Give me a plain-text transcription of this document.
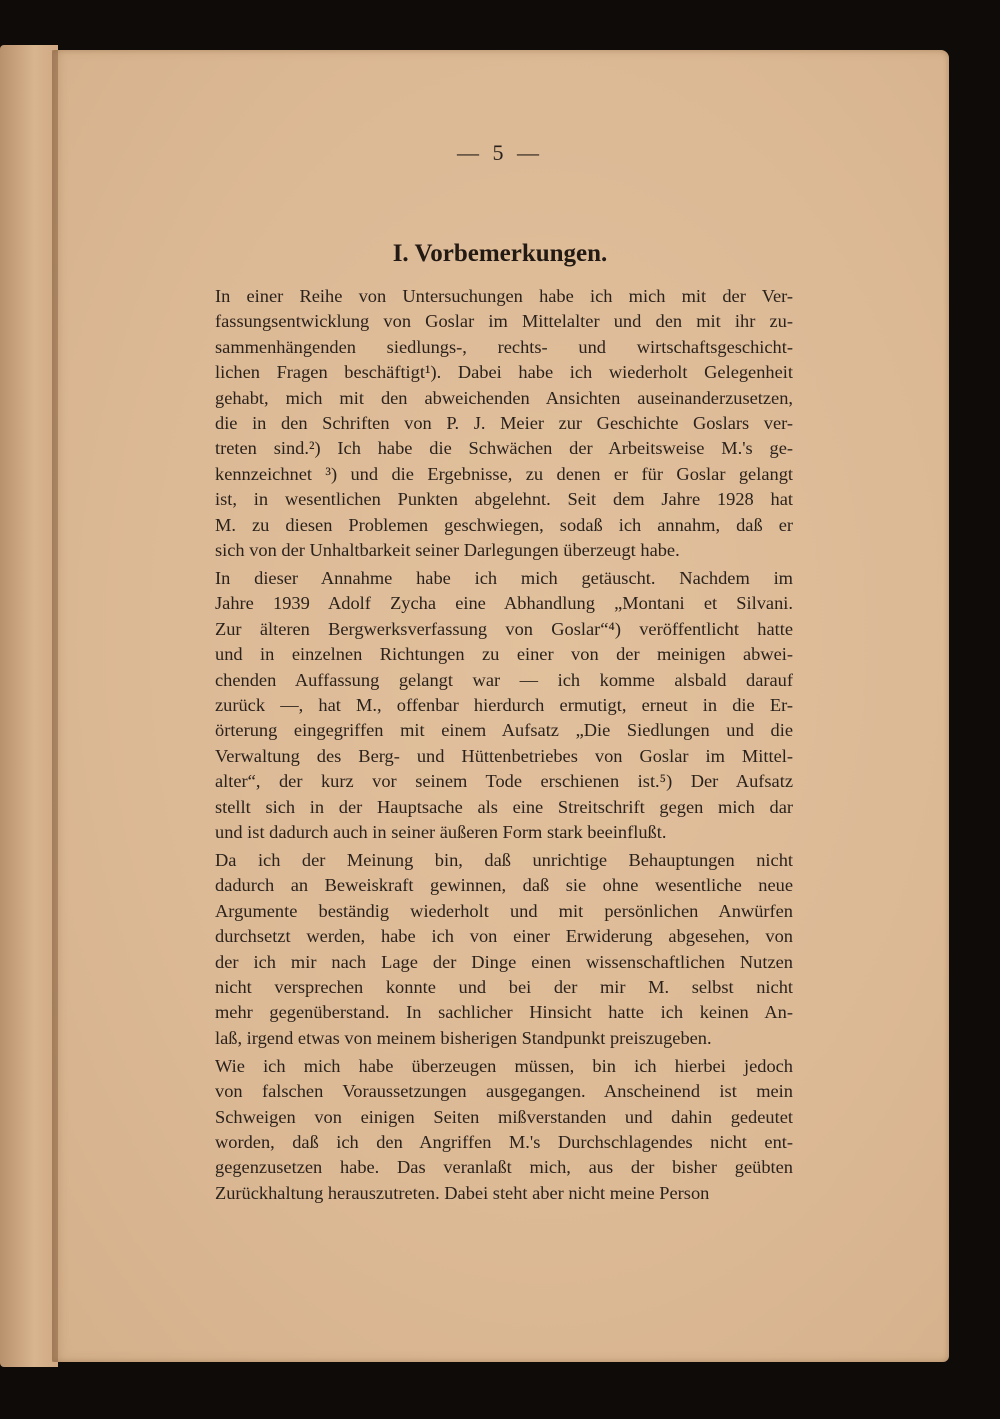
— 5 —
I. Vorbemerkungen.
In einer Reihe von Untersuchungen habe ich mich mit der Ver-
fassungsentwicklung von Goslar im Mittelalter und den mit ihr zu-
sammenhängenden siedlungs-, rechts- und wirtschaftsgeschicht-
lichen Fragen beschäftigt¹). Dabei habe ich wiederholt Gelegenheit
gehabt, mich mit den abweichenden Ansichten auseinanderzusetzen,
die in den Schriften von P. J. Meier zur Geschichte Goslars ver-
treten sind.²) Ich habe die Schwächen der Arbeitsweise M.'s ge-
kennzeichnet ³) und die Ergebnisse, zu denen er für Goslar gelangt
ist, in wesentlichen Punkten abgelehnt. Seit dem Jahre 1928 hat
M. zu diesen Problemen geschwiegen, sodaß ich annahm, daß er
sich von der Unhaltbarkeit seiner Darlegungen überzeugt habe.
In dieser Annahme habe ich mich getäuscht. Nachdem im
Jahre 1939 Adolf Zycha eine Abhandlung „Montani et Silvani.
Zur älteren Bergwerksverfassung von Goslar“⁴) veröffentlicht hatte
und in einzelnen Richtungen zu einer von der meinigen abwei-
chenden Auffassung gelangt war — ich komme alsbald darauf
zurück —, hat M., offenbar hierdurch ermutigt, erneut in die Er-
örterung eingegriffen mit einem Aufsatz „Die Siedlungen und die
Verwaltung des Berg- und Hüttenbetriebes von Goslar im Mittel-
alter“, der kurz vor seinem Tode erschienen ist.⁵) Der Aufsatz
stellt sich in der Hauptsache als eine Streitschrift gegen mich dar
und ist dadurch auch in seiner äußeren Form stark beeinflußt.
Da ich der Meinung bin, daß unrichtige Behauptungen nicht
dadurch an Beweiskraft gewinnen, daß sie ohne wesentliche neue
Argumente beständig wiederholt und mit persönlichen Anwürfen
durchsetzt werden, habe ich von einer Erwiderung abgesehen, von
der ich mir nach Lage der Dinge einen wissenschaftlichen Nutzen
nicht versprechen konnte und bei der mir M. selbst nicht
mehr gegenüberstand. In sachlicher Hinsicht hatte ich keinen An-
laß, irgend etwas von meinem bisherigen Standpunkt preiszugeben.
Wie ich mich habe überzeugen müssen, bin ich hierbei jedoch
von falschen Voraussetzungen ausgegangen. Anscheinend ist mein
Schweigen von einigen Seiten mißverstanden und dahin gedeutet
worden, daß ich den Angriffen M.'s Durchschlagendes nicht ent-
gegenzusetzen habe. Das veranlaßt mich, aus der bisher geübten
Zurückhaltung herauszutreten. Dabei steht aber nicht meine Person
